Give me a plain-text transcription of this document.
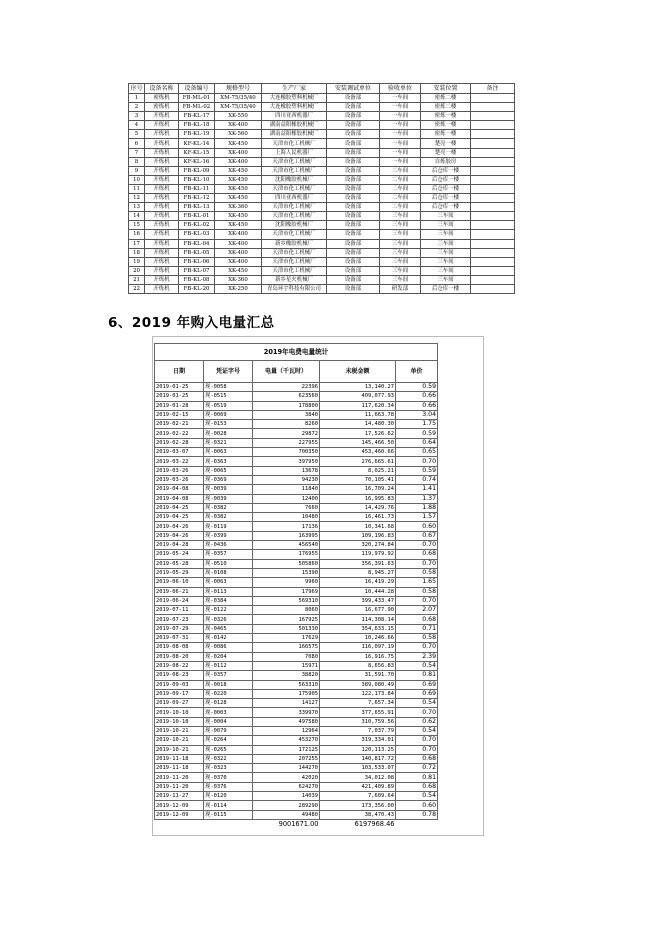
序号	设备名称	设备编号	规格型号	生产厂家	安装调试单位	验收单位	安装位置	备注
1	密炼机	FB-ML-01	XM-75/35/40	大连橡胶塑料机械厂	设备部	一车间	密炼二楼	
2	密炼机	FB-ML-02	XM-75/35/40	大连橡胶塑料机械厂	设备部	一车间	密炼二楼	
3	开炼机	FB-KL-17	XK-550	四川亚西机器厂	设备部	一车间	密炼一楼	
4	开炼机	FB-KL-18	XK-400	湖南益阳橡胶机械厂	设备部	一车间	密炼一楼	
5	开炼机	FB-KL-19	XK-560	湖南益阳橡胶机械厂	设备部	一车间	密炼一楼	
6	开炼机	KF-KL-14	XK-450	天津市化工机械厂	设备部	一车间	楚亮一楼	
7	开炼机	KF-KL-15	XK-400	上海人民机器厂	设备部	一车间	楚亮一楼	
8	开炼机	KF-KL-16	XK-400	天津市化工机械厂	设备部	一车间	自炼胶房	
9	开炼机	FB-KL-09	XK-450	天津市化工机械厂	设备部	二车间	后仓库一楼	
10	开炼机	FB-KL-10	XK-450	沈阳橡胶机械厂	设备部	二车间	后仓库一楼	
11	开炼机	FB-KL-11	XK-450	天津市化工机械厂	设备部	二车间	后仓库一楼	
12	开炼机	FB-KL-12	XK-450	四川亚西机器厂	设备部	二车间	后仓库一楼	
13	开炼机	FB-KL-13	XK-360	天津市化工机械厂	设备部	二车间	后仓库一楼	
14	开炼机	FB-KL-01	XK-450	天津市化工机械厂	设备部	三车间	三车间	
15	开炼机	FB-KL-02	XK-450	沈阳橡胶机械厂	设备部	三车间	三车间	
16	开炼机	FB-KL-03	XK-400	天津市化工机械厂	设备部	三车间	三车间	
17	开炼机	FB-KL-04	XK-400	新乡橡胶机械厂	设备部	三车间	三车间	
18	开炼机	FB-KL-05	XK-400	天津市化工机械厂	设备部	三车间	三车间	
19	开炼机	FB-KL-06	XK-400	天津市化工机械厂	设备部	三车间	三车间	
20	开炼机	FB-KL-07	XK-450	天津市化工机械厂	设备部	三车间	三车间	
21	开炼机	FB-KL-08	XK-360	新乡星火机械厂	设备部	三车间	三车间	
22	开炼机	FB-KL-20	XK-250	青岛环宇科技有限公司	设备部	研发部	后仓库一楼	
6、2019 年购入电量汇总
2019年电费电量统计				
日期	凭证字号	电量（千瓦时）	未税金额	单价
2019-01-25	现-0058	22396	13,140.27	0.59
2019-01-25	现-0515	623560	409,077.93	0.66
2019-01-28	现-0519	178800	117,620.34	0.66
2019-02-15	现-0069	3840	11,663.78	3.04
2019-02-21	现-0153	8260	14,480.30	1.75
2019-02-22	现-0028	29872	17,526.62	0.59
2019-02-28	现-0321	227955	145,466.50	0.64
2019-03-07	现-0063	700350	453,460.66	0.65
2019-03-22	现-0363	397950	276,665.61	0.70
2019-03-26	现-0065	13678	8,025.21	0.59
2019-03-26	现-0369	94230	70,105.41	0.74
2019-04-08	现-0039	11840	16,709.24	1.41
2019-04-08	现-0039	12400	16,995.83	1.37
2019-04-25	现-0382	7660	14,429.76	1.88
2019-04-25	现-0382	10480	16,461.73	1.57
2019-04-26	现-0119	17136	10,341.68	0.60
2019-04-26	现-0399	163995	109,196.83	0.67
2019-04-28	现-0436	456540	320,274.84	0.70
2019-05-24	现-0357	176955	119,979.92	0.68
2019-05-28	现-0510	505860	356,391.63	0.70
2019-05-29	现-0108	15390	8,945.27	0.58
2019-06-10	现-0063	9960	16,419.29	1.65
2019-06-21	现-0113	17969	10,444.28	0.58
2019-06-24	现-0384	569310	399,433.47	0.70
2019-07-11	现-0122	8060	16,677.90	2.07
2019-07-23	现-0326	167925	114,308.14	0.68
2019-07-29	现-0465	501330	354,633.15	0.71
2019-07-31	现-0142	17629	10,246.66	0.58
2019-08-08	现-0086	166575	116,097.19	0.70
2019-08-20	现-0204	7080	16,916.75	2.39
2019-08-22	现-0112	15971	8,656.83	0.54
2019-08-23	现-0357	38820	31,591.70	0.81
2019-09-03	现-0018	563310	389,080.49	0.69
2019-09-17	现-0220	175905	122,173.84	0.69
2019-09-27	现-0128	14127	7,657.34	0.54
2019-10-10	现-0003	339970	377,655.91	0.70
2019-10-10	现-0004	497580	310,759.56	0.62
2019-10-21	现-0079	12964	7,037.79	0.54
2019-10-21	现-0264	453270	319,334.01	0.70
2019-10-21	现-0265	172125	120,113.25	0.70
2019-11-18	现-0322	207255	140,817.72	0.68
2019-11-18	现-0323	144270	103,533.07	0.72
2019-11-20	现-0370	42020	34,012.08	0.81
2019-11-20	现-0376	624270	421,409.89	0.68
2019-11-27	现-0120	14039	7,609.64	0.54
2019-12-09	现-0114	289290	173,356.00	0.60
2019-12-09	现-0115	49480	38,470.43	0.78
		9001671.00	6197968.46	
